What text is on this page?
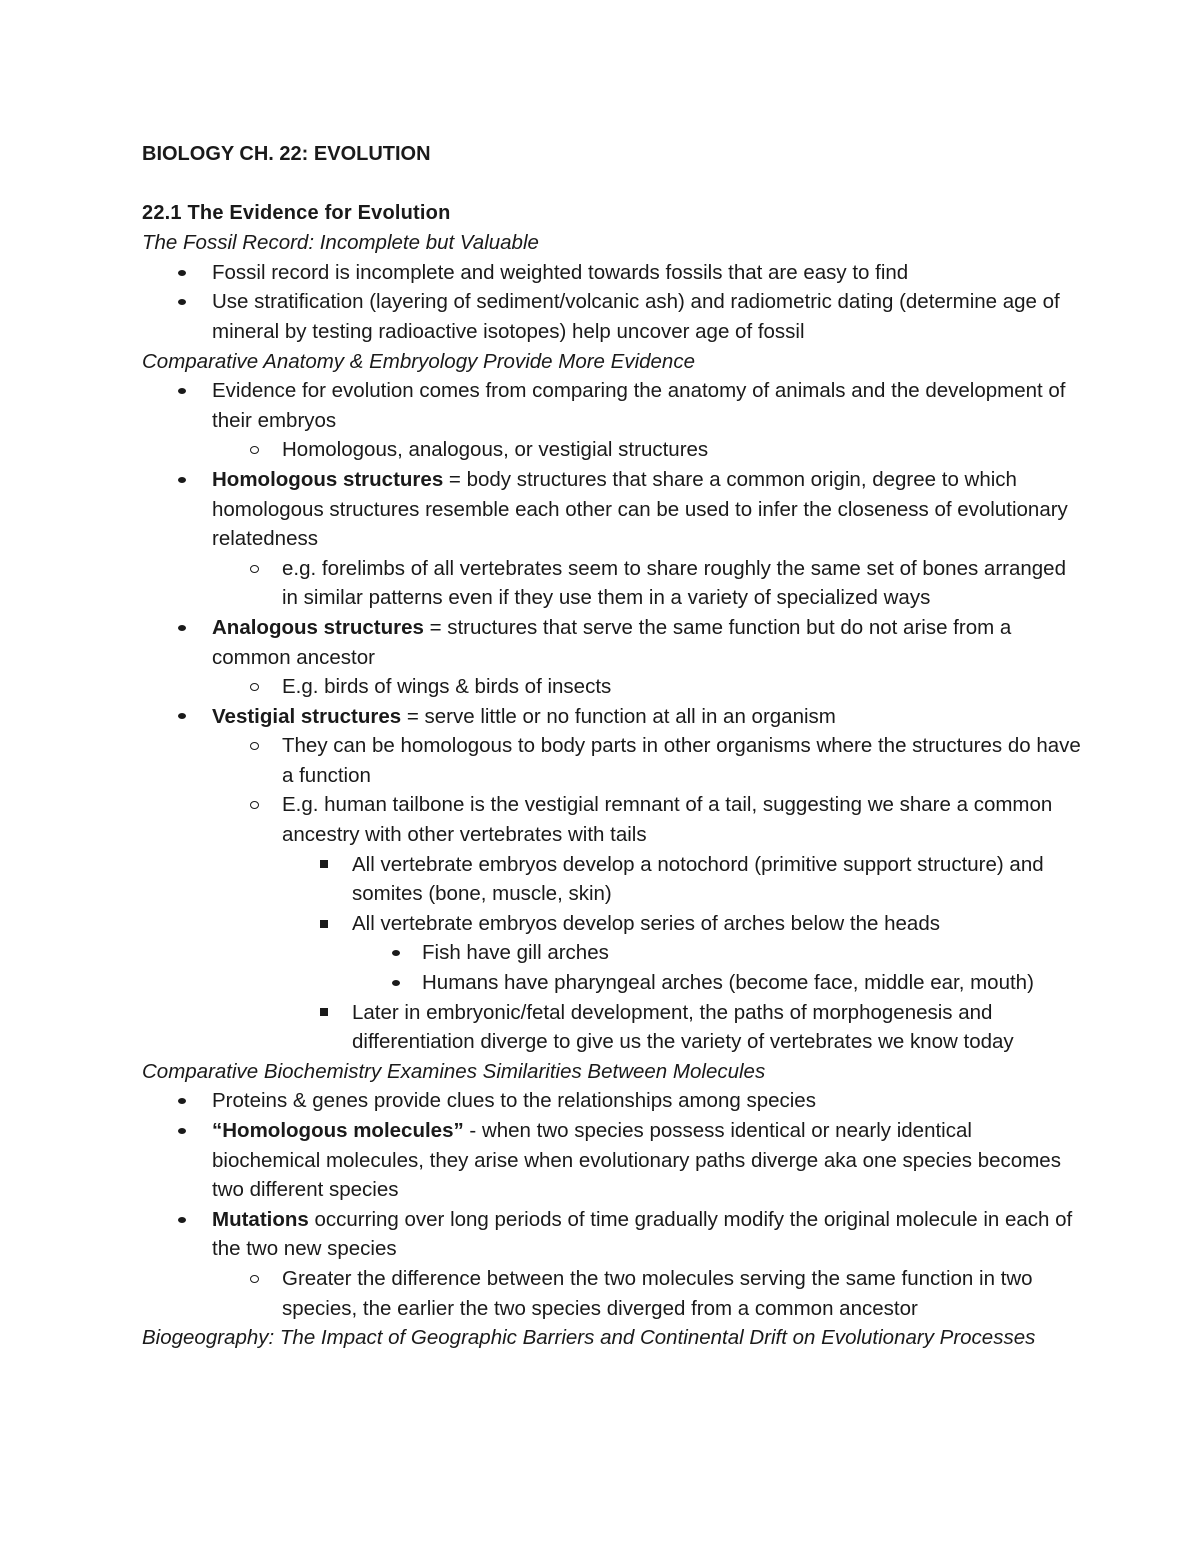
BIOLOGY CH. 22: EVOLUTION
22.1 The Evidence for Evolution
The Fossil Record: Incomplete but Valuable
Fossil record is incomplete and weighted towards fossils that are easy to find
Use stratification (layering of sediment/volcanic ash) and radiometric dating (determine age of mineral by testing radioactive isotopes) help uncover age of fossil
Comparative Anatomy & Embryology Provide More Evidence
Evidence for evolution comes from comparing the anatomy of animals and the development of their embryos
Homologous, analogous, or vestigial structures
Homologous structures = body structures that share a common origin, degree to which homologous structures resemble each other can be used to infer the closeness of evolutionary relatedness
e.g. forelimbs of all vertebrates seem to share roughly the same set of bones arranged in similar patterns even if they use them in a variety of specialized ways
Analogous structures = structures that serve the same function but do not arise from a common ancestor
E.g. birds of wings & birds of insects
Vestigial structures = serve little or no function at all in an organism
They can be homologous to body parts in other organisms where the structures do have a function
E.g. human tailbone is the vestigial remnant of a tail, suggesting we share a common ancestry with other vertebrates with tails
All vertebrate embryos develop a notochord (primitive support structure) and somites (bone, muscle, skin)
All vertebrate embryos develop series of arches below the heads
Fish have gill arches
Humans have pharyngeal arches (become face, middle ear, mouth)
Later in embryonic/fetal development, the paths of morphogenesis and differentiation diverge to give us the variety of vertebrates we know today
Comparative Biochemistry Examines Similarities Between Molecules
Proteins & genes provide clues to the relationships among species
“Homologous molecules” - when two species possess identical or nearly identical biochemical molecules, they arise when evolutionary paths diverge aka one species becomes two different species
Mutations occurring over long periods of time gradually modify the original molecule in each of the two new species
Greater the difference between the two molecules serving the same function in two species, the earlier the two species diverged from a common ancestor
Biogeography: The Impact of Geographic Barriers and Continental Drift on Evolutionary Processes
